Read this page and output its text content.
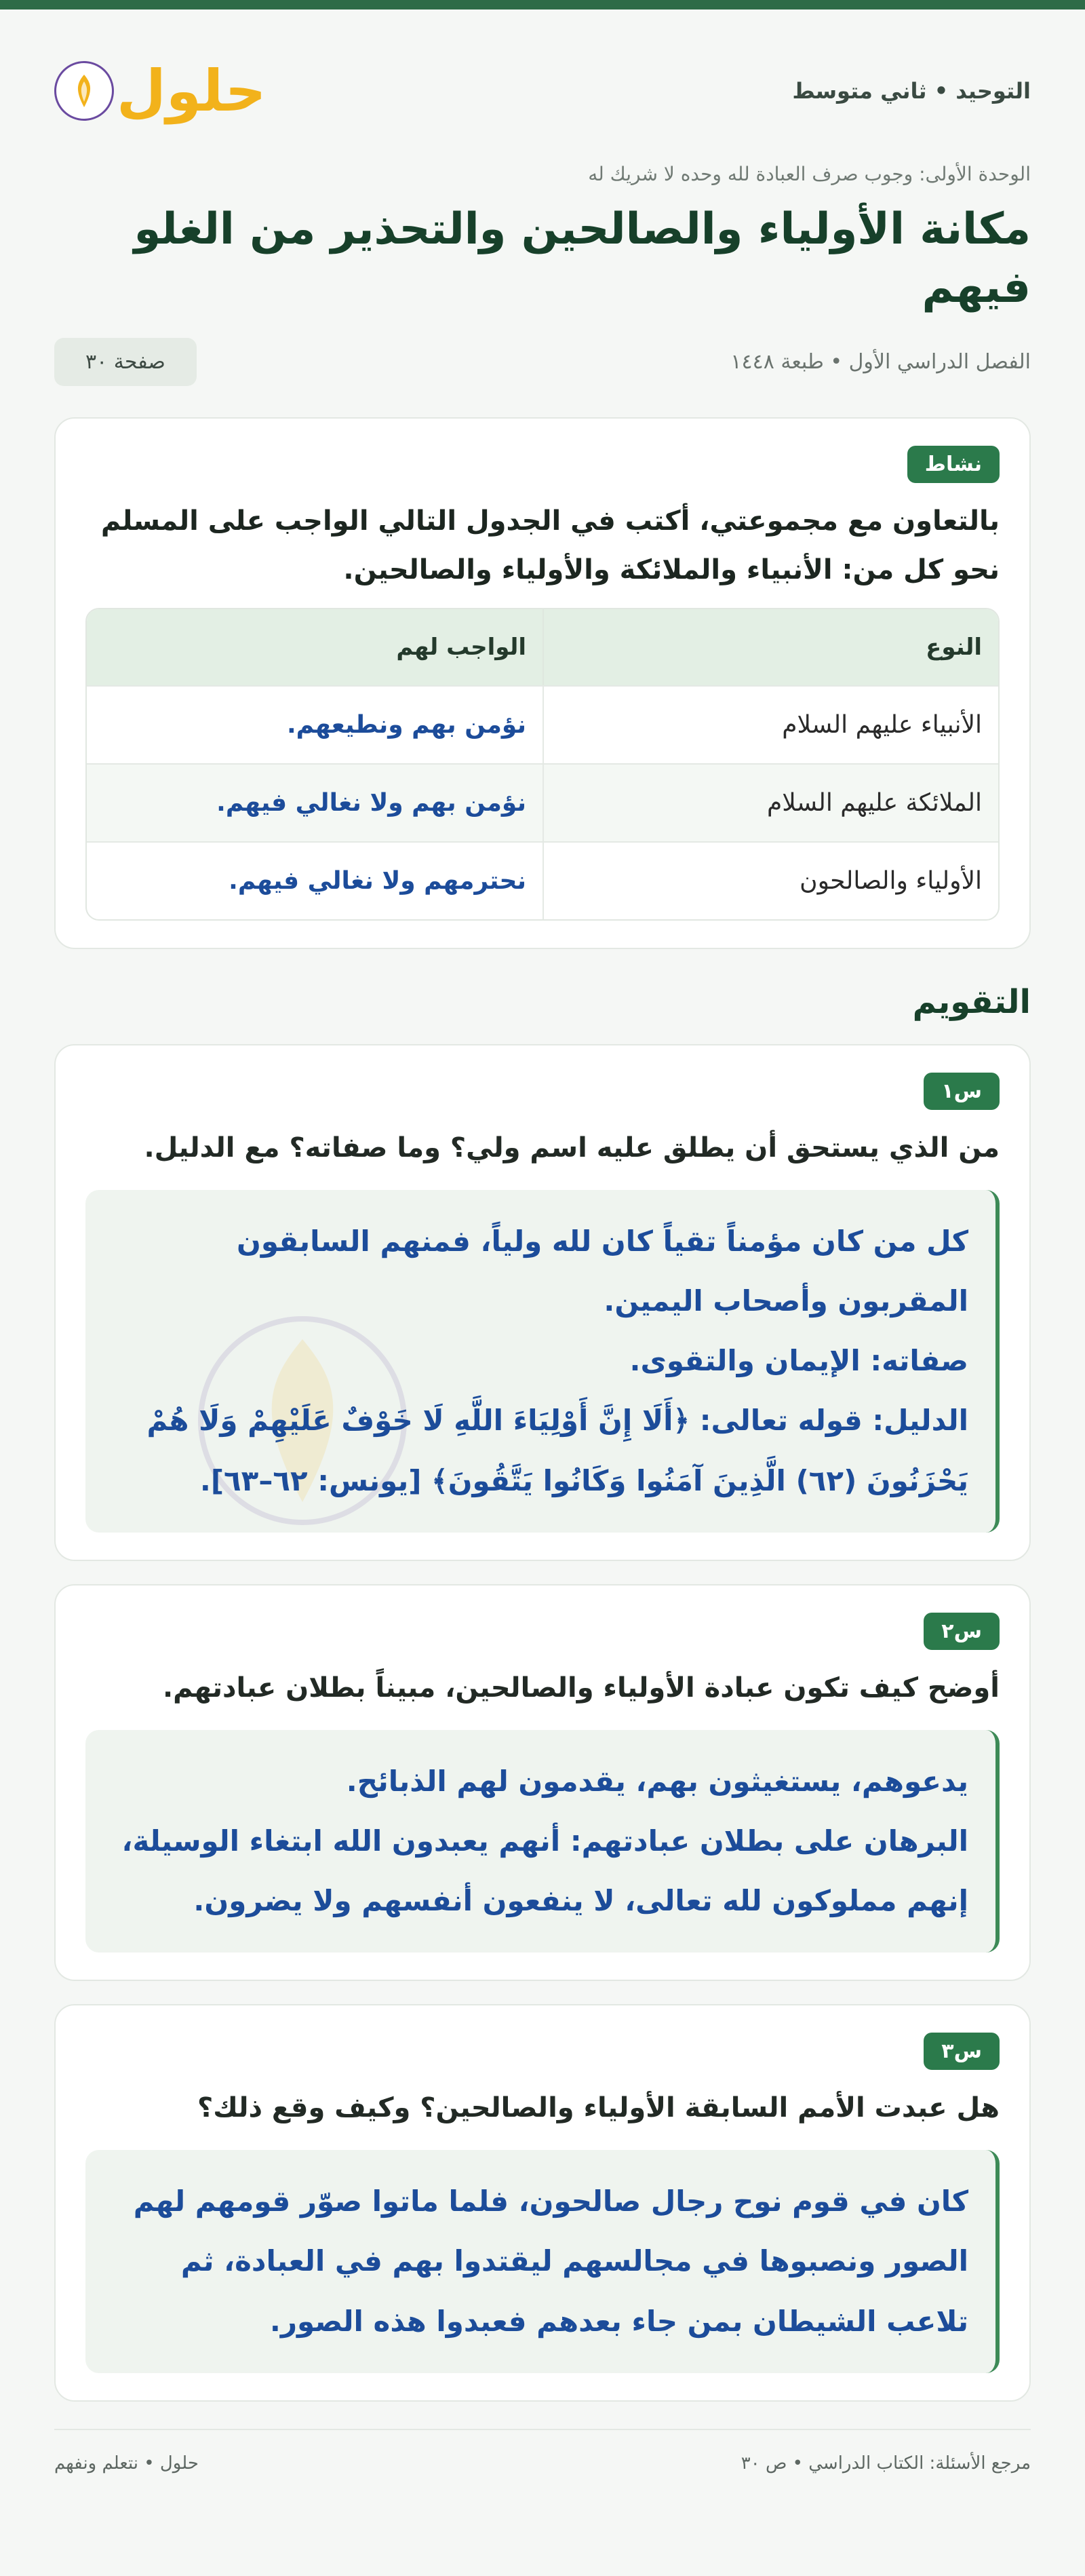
التوحيد • ثاني متوسط
حلول
الوحدة الأولى: وجوب صرف العبادة لله وحده لا شريك له
مكانة الأولياء والصالحين والتحذير من الغلو فيهم
الفصل الدراسي الأول • طبعة ١٤٤٨
صفحة ٣٠
نشاط

بالتعاون مع مجموعتي، أكتب في الجدول التالي الواجب على المسلم نحو كل من: الأنبياء والملائكة والأولياء والصالحين.

النوع	الواجب لهم
الأنبياء عليهم السلام	نؤمن بهم ونطيعهم.
الملائكة عليهم السلام	نؤمن بهم ولا نغالي فيهم.
الأولياء والصالحون	نحترمهم ولا نغالي فيهم.
التقويم
س١

من الذي يستحق أن يطلق عليه اسم ولي؟ وما صفاته؟ مع الدليل.

كل من كان مؤمناً تقياً كان لله ولياً، فمنهم السابقون المقربون وأصحاب اليمين.

صفاته: الإيمان والتقوى.

الدليل: قوله تعالى: ﴿أَلَا إِنَّ أَوْلِيَاءَ اللَّهِ لَا خَوْفٌ عَلَيْهِمْ وَلَا هُمْ يَحْزَنُونَ (٦٢) الَّذِينَ آمَنُوا وَكَانُوا يَتَّقُونَ﴾ [يونس: ٦٢–٦٣].

س٢

أوضح كيف تكون عبادة الأولياء والصالحين، مبيناً بطلان عبادتهم.

يدعوهم، يستغيثون بهم، يقدمون لهم الذبائح.

البرهان على بطلان عبادتهم: أنهم يعبدون الله ابتغاء الوسيلة، إنهم مملوكون لله تعالى، لا ينفعون أنفسهم ولا يضرون.

س٣

هل عبدت الأمم السابقة الأولياء والصالحين؟ وكيف وقع ذلك؟

كان في قوم نوح رجال صالحون، فلما ماتوا صوّر قومهم لهم الصور ونصبوها في مجالسهم ليقتدوا بهم في العبادة، ثم تلاعب الشيطان بمن جاء بعدهم فعبدوا هذه الصور.

مرجع الأسئلة: الكتاب الدراسي • ص ٣٠
حلول • نتعلم ونفهم
